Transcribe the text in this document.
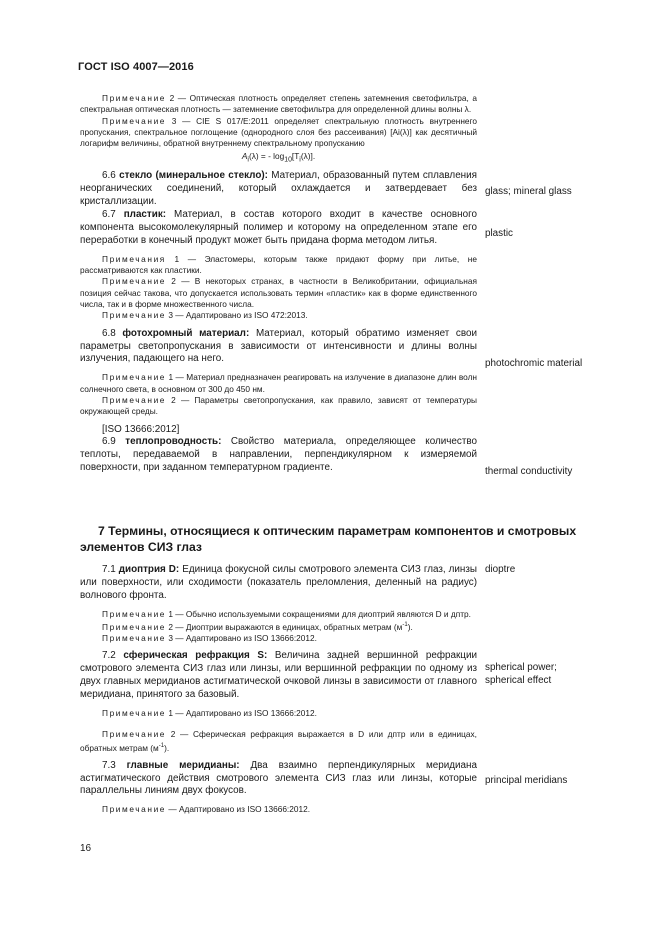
ГОСТ ISO 4007—2016

Примечание 2 — Оптическая плотность определяет степень затемнения светофильтра, а спектральная оптическая плотность — затемнение светофильтра для определенной длины волны λ.

Примечание 3 — CIE S 017/E:2011 определяет спектральную плотность внутреннего пропускания, спектральное поглощение (однородного слоя без рассеивания) [Ai(λ)] как десятичный логарифм величины, обратной внутреннему спектральному пропусканию

$A_i(\lambda)$ = - $\log_{10}[T_i(\lambda)]$.

6.6 стекло (минеральное стекло): Материал, образованный путем сплавления неорганических соединений, который охлаждается и затвердевает без кристаллизации.

6.7 пластик: Материал, в состав которого входит в качестве основного компонента высокомолекулярный полимер и которому на определенном этапе его переработки в конечный продукт может быть придана форма методом литья.

Примечания 1 — Эластомеры, которым также придают форму при литье, не рассматриваются как пластики.

Примечание 2 — В некоторых странах, в частности в Великобритании, официальная позиция сейчас такова, что допускается использовать термин «пластик» как в форме единственного числа, так и в форме множественного числа.

Примечание 3 — Адаптировано из ISO 472:2013.

6.8 фотохромный материал: Материал, который обратимо изменяет свои параметры светопропускания в зависимости от интенсивности и длины волны излучения, падающего на него.

Примечание 1 — Материал предназначен реагировать на излучение в диапазоне длин волн солнечного света, в основном от 300 до 450 нм.

Примечание 2 — Параметры светопропускания, как правило, зависят от температуры окружающей среды.

[ISO 13666:2012]

6.9 теплопроводность: Свойство материала, определяющее количество теплоты, передаваемой в направлении, перпендикулярном к измеряемой поверхности, при заданном температурном градиенте.

glass; mineral glass
plastic
photochromic material
thermal conductivity

7 Термины, относящиеся к оптическим параметрам компонентов и смотровых элементов СИЗ глаз

7.1 диоптрия D: Единица фокусной силы смотрового элемента СИЗ глаз, линзы или поверхности, или сходимости (показатель преломления, деленный на радиус) волнового фронта.

Примечание 1 — Обычно используемыми сокращениями для диоптрий являются D и дптр.

Примечание 2 — Диоптрии выражаются в единицах, обратных метрам $(м^{-1})$.

Примечание 3 — Адаптировано из ISO 13666:2012.

7.2 сферическая рефракция S: Величина задней вершинной рефракции смотрового элемента СИЗ глаз или линзы, или вершинной рефракции по одному из двух главных меридианов астигматической очковой линзы в зависимости от главного меридиана, принятого за базовый.

Примечание 1 — Адаптировано из ISO 13666:2012.

Примечание 2 — Сферическая рефракция выражается в D или дптр или в единицах, обратных метрам $(м^{-1})$.

7.3 главные меридианы: Два взаимно перпендикулярных меридиана астигматического действия смотрового элемента СИЗ глаз или линзы, которые параллельны линиям двух фокусов.

Примечание — Адаптировано из ISO 13666:2012.

dioptre
spherical power;
spherical effect
principal meridians
16
